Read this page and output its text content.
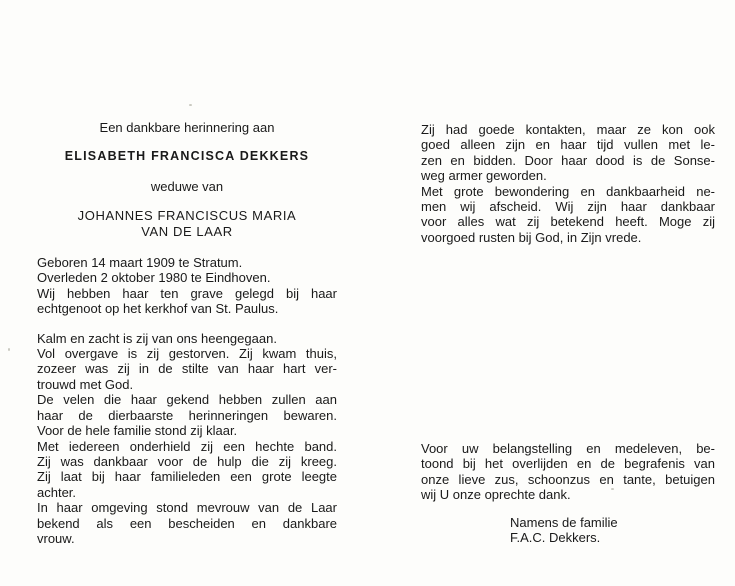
Een dankbare herinnering aan
ELISABETH FRANCISCA DEKKERS
weduwe van
JOHANNES FRANCISCUS MARIA
VAN DE LAAR
Geboren 14 maart 1909 te Stratum.
Overleden 2 oktober 1980 te Eindhoven.
Wij hebben haar ten grave gelegd bij haar
echtgenoot op het kerkhof van St. Paulus.
Kalm en zacht is zij van ons heengegaan.
Vol overgave is zij gestorven. Zij kwam thuis,
zozeer was zij in de stilte van haar hart ver-
trouwd met God.
De velen die haar gekend hebben zullen aan
haar de dierbaarste herinneringen bewaren.
Voor de hele familie stond zij klaar.
Met iedereen onderhield zij een hechte band.
Zij was dankbaar voor de hulp die zij kreeg.
Zij laat bij haar familieleden een grote leegte
achter.
In haar omgeving stond mevrouw van de Laar
bekend als een bescheiden en dankbare
vrouw.
Zij had goede kontakten, maar ze kon ook
goed alleen zijn en haar tijd vullen met le-
zen en bidden. Door haar dood is de Sonse-
weg armer geworden.
Met grote bewondering en dankbaarheid ne-
men wij afscheid. Wij zijn haar dankbaar
voor alles wat zij betekend heeft. Moge zij
voorgoed rusten bij God, in Zijn vrede.
Voor uw belangstelling en medeleven, be-
toond bij het overlijden en de begrafenis van
onze lieve zus, schoonzus en tante, betuigen
wij U onze oprechte dank.
Namens de familie
F.A.C. Dekkers.
